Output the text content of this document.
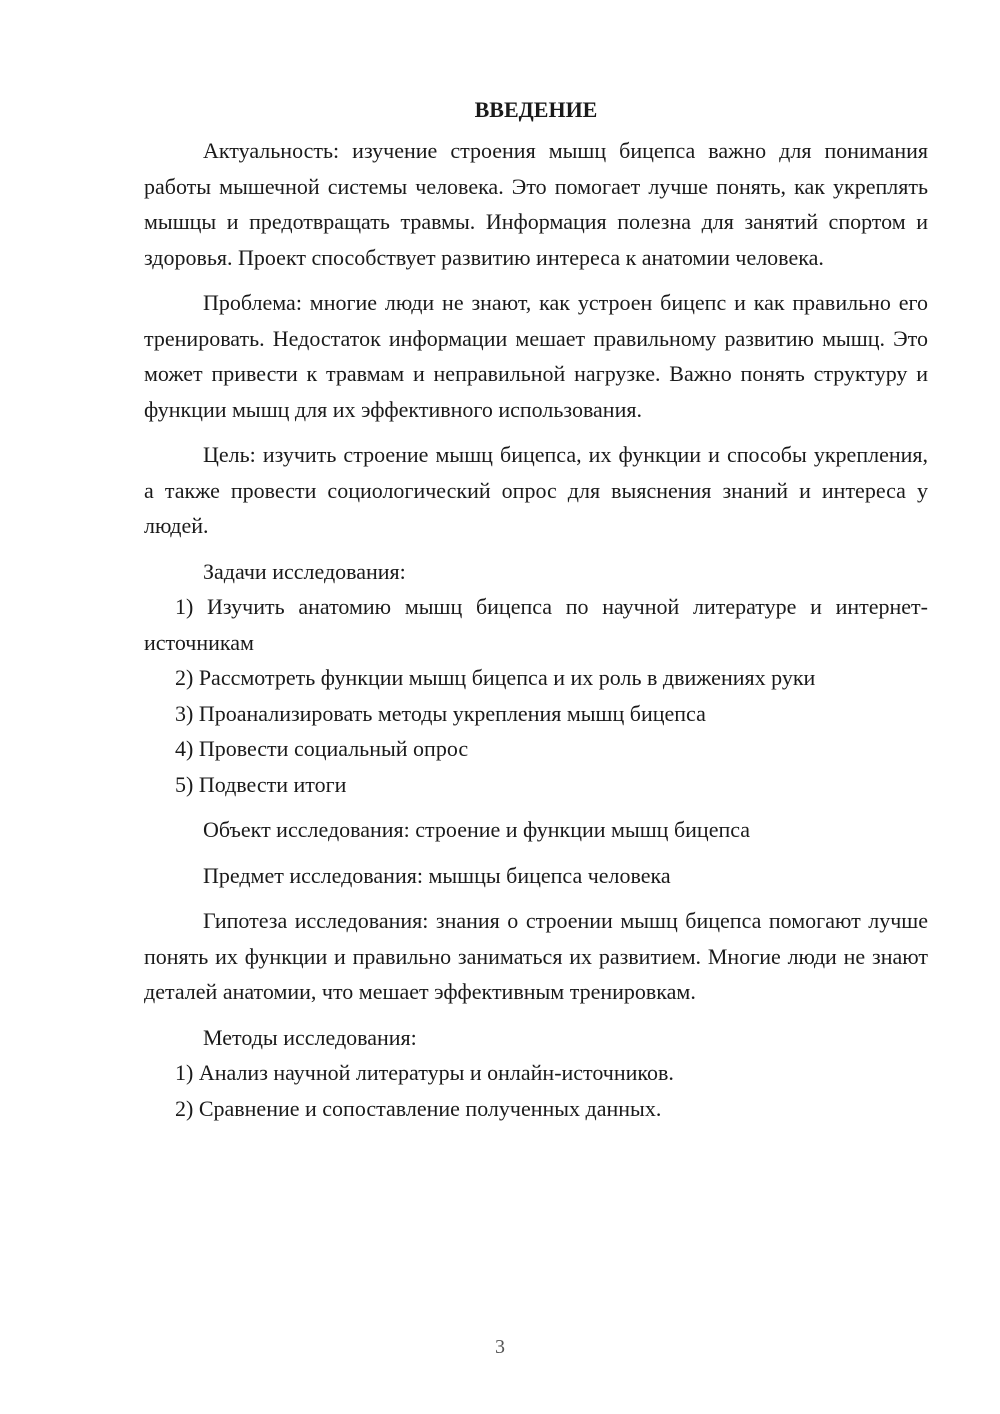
ВВЕДЕНИЕ

Актуальность: изучение строения мышц бицепса важно для понимания работы мышечной системы человека. Это помогает лучше понять, как укреплять мышцы и предотвращать травмы. Информация полезна для занятий спортом и здоровья. Проект способствует развитию интереса к анатомии человека.

Проблема: многие люди не знают, как устроен бицепс и как правильно его тренировать. Недостаток информации мешает правильному развитию мышц. Это может привести к травмам и неправильной нагрузке. Важно понять структуру и функции мышц для их эффективного использования.

Цель: изучить строение мышц бицепса, их функции и способы укрепления, а также провести социологический опрос для выяснения знаний и интереса у людей.

Задачи исследования:

1) Изучить анатомию мышц бицепса по научной литературе и интернет-источникам

2) Рассмотреть функции мышц бицепса и их роль в движениях руки

3) Проанализировать методы укрепления мышц бицепса

4) Провести социальный опрос

5) Подвести итоги

Объект исследования: строение и функции мышц бицепса

Предмет исследования: мышцы бицепса человека

Гипотеза исследования: знания о строении мышц бицепса помогают лучше понять их функции и правильно заниматься их развитием. Многие люди не знают деталей анатомии, что мешает эффективным тренировкам.

Методы исследования:

1) Анализ научной литературы и онлайн-источников.

2) Сравнение и сопоставление полученных данных.

3
